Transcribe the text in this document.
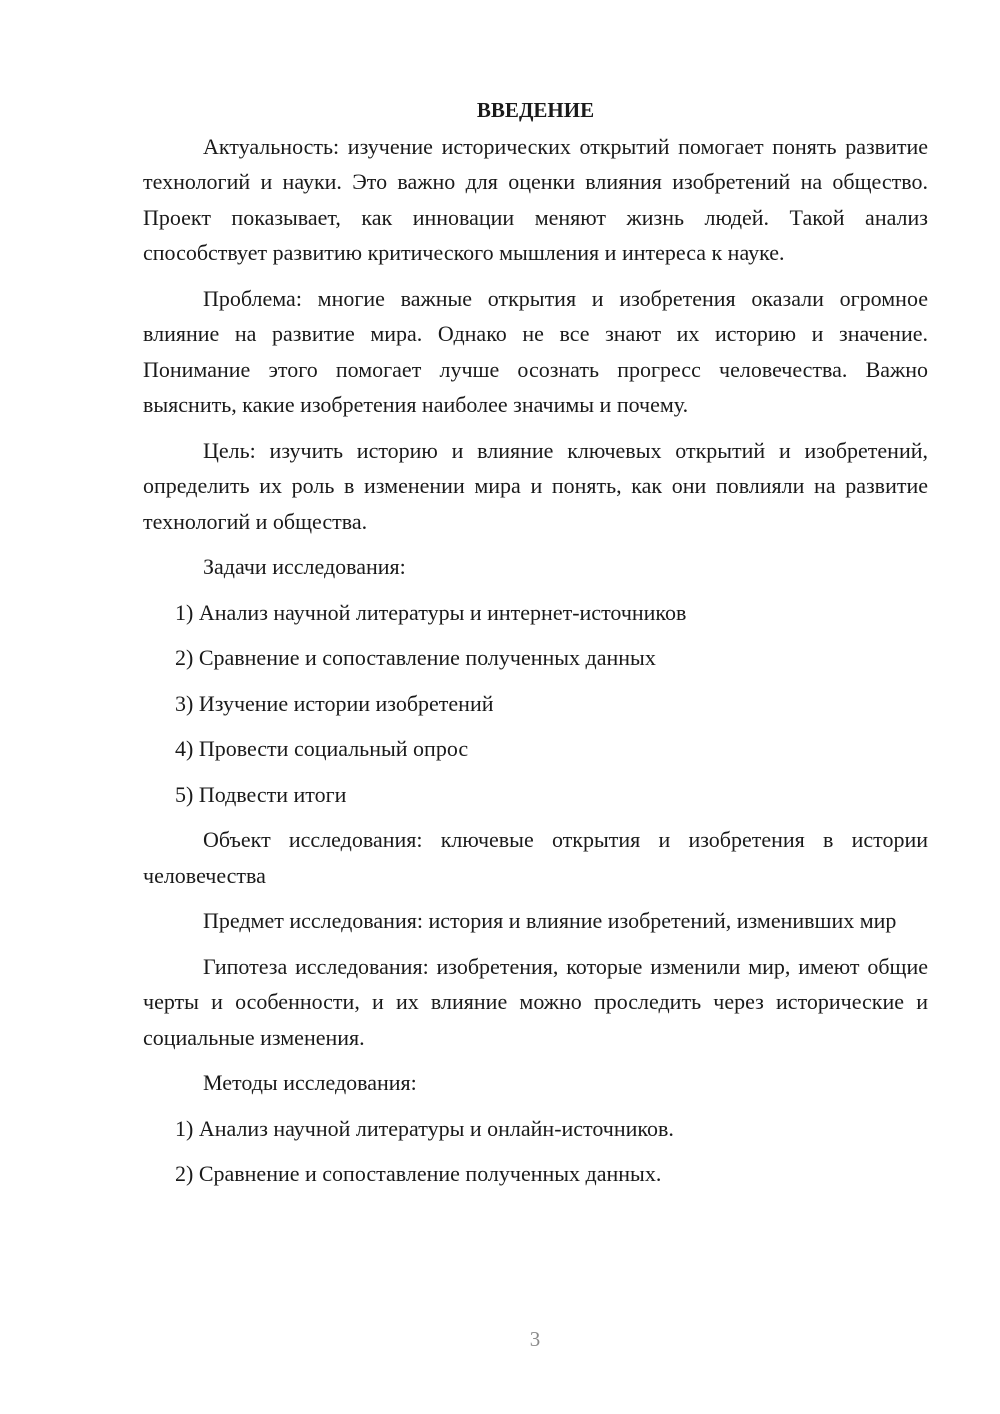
ВВЕДЕНИЕ

Актуальность: изучение исторических открытий помогает понять развитие технологий и науки. Это важно для оценки влияния изобретений на общество. Проект показывает, как инновации меняют жизнь людей. Такой анализ способствует развитию критического мышления и интереса к науке.

Проблема: многие важные открытия и изобретения оказали огромное влияние на развитие мира. Однако не все знают их историю и значение. Понимание этого помогает лучше осознать прогресс человечества. Важно выяснить, какие изобретения наиболее значимы и почему.

Цель: изучить историю и влияние ключевых открытий и изобретений, определить их роль в изменении мира и понять, как они повлияли на развитие технологий и общества.

Задачи исследования:
1) Анализ научной литературы и интернет-источников
2) Сравнение и сопоставление полученных данных
3) Изучение истории изобретений
4) Провести социальный опрос
5) Подвести итоги

Объект исследования: ключевые открытия и изобретения в истории человечества

Предмет исследования: история и влияние изобретений, изменивших мир

Гипотеза исследования: изобретения, которые изменили мир, имеют общие черты и особенности, и их влияние можно проследить через исторические и социальные изменения.

Методы исследования:
1) Анализ научной литературы и онлайн-источников.
2) Сравнение и сопоставление полученных данных.
3
